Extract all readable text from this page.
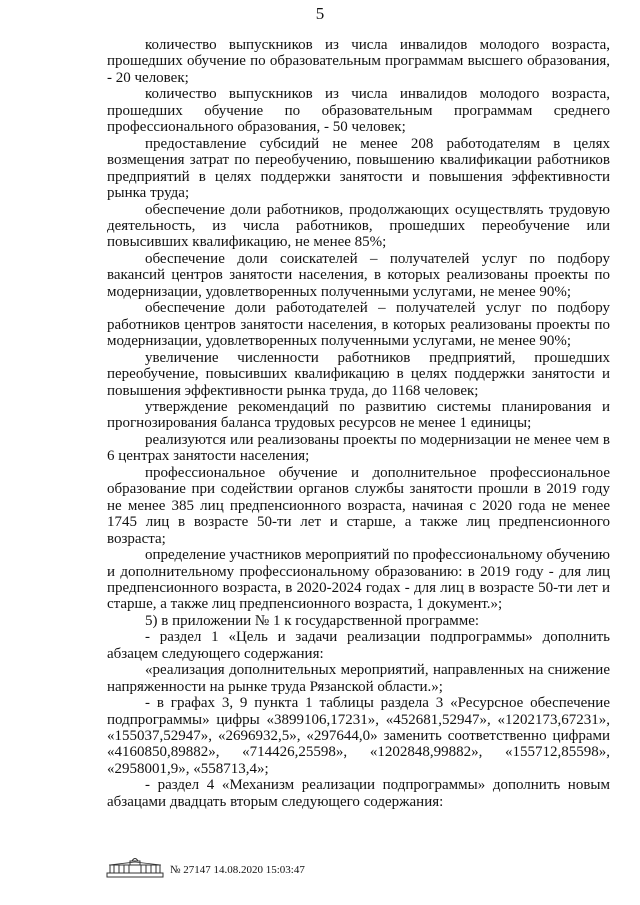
5

количество выпускников из числа инвалидов молодого возраста, прошедших обучение по образовательным программам высшего образования, - 20 человек;

количество выпускников из числа инвалидов молодого возраста, прошедших обучение по образовательным программам среднего профессионального образования, - 50 человек;

предоставление субсидий не менее 208 работодателям в целях возмещения затрат по переобучению, повышению квалификации работников предприятий в целях поддержки занятости и повышения эффективности рынка труда;

обеспечение доли работников, продолжающих осуществлять трудовую деятельность, из числа работников, прошедших переобучение или повысивших квалификацию, не менее 85%;

обеспечение доли соискателей – получателей услуг по подбору вакансий центров занятости населения, в которых реализованы проекты по модернизации, удовлетворенных полученными услугами, не менее 90%;

обеспечение доли работодателей – получателей услуг по подбору работников центров занятости населения, в которых реализованы проекты по модернизации, удовлетворенных полученными услугами, не менее 90%;

увеличение численности работников предприятий, прошедших переобучение, повысивших квалификацию в целях поддержки занятости и повышения эффективности рынка труда, до 1168 человек;

утверждение рекомендаций по развитию системы планирования и прогнозирования баланса трудовых ресурсов не менее 1 единицы;

реализуются или реализованы проекты по модернизации не менее чем в 6 центрах занятости населения;

профессиональное обучение и дополнительное профессиональное образование при содействии органов службы занятости прошли в 2019 году не менее 385 лиц предпенсионного возраста, начиная с 2020 года не менее 1745 лиц в возрасте 50-ти лет и старше, а также лиц предпенсионного возраста;

определение участников мероприятий по профессиональному обучению и дополнительному профессиональному образованию: в 2019 году - для лиц предпенсионного возраста, в 2020-2024 годах - для лиц в возрасте 50-ти лет и старше, а также лиц предпенсионного возраста, 1 документ.»;

5) в приложении № 1 к государственной программе:

- раздел 1 «Цель и задачи реализации подпрограммы» дополнить абзацем следующего содержания:

«реализация дополнительных мероприятий, направленных на снижение напряженности на рынке труда Рязанской области.»;

- в графах 3, 9 пункта 1 таблицы раздела 3 «Ресурсное обеспечение подпрограммы» цифры «3899106,17231», «452681,52947», «1202173,67231», «155037,52947», «2696932,5», «297644,0» заменить соответственно цифрами «4160850,89882», «714426,25598», «1202848,99882», «155712,85598», «2958001,9», «558713,4»;

- раздел 4 «Механизм реализации подпрограммы» дополнить новым абзацами двадцать вторым следующего содержания:

№ 27147 14.08.2020 15:03:47
